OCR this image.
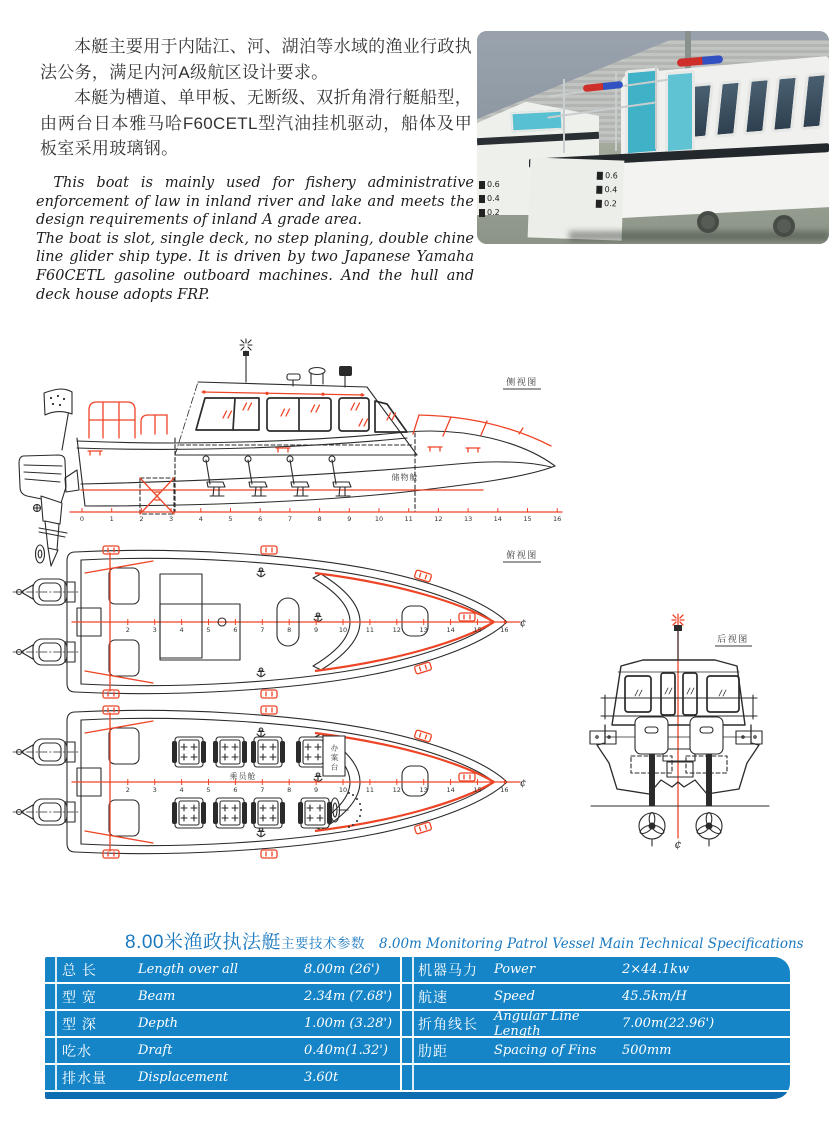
本艇主要用于内陆江、河、湖泊等水域的渔业行政执法公务，满足内河A级航区设计要求。

本艇为槽道、单甲板、无断级、双折角滑行艇船型，由两台日本雅马哈F60CETL型汽油挂机驱动，船体及甲板室采用玻璃钢。

This boat is mainly used for fishery administrative enforcement of law in inland river and lake and meets the design requirements of inland A grade area.

The boat is slot, single deck, no step planing, double chine line glider ship type. It is driven by two Japanese Yamaha F60CETL gasoline outboard machines. And the hull and deck house adopts FRP.

0.6
0.4
0.2
0.6
0.4
0.2
侧视图
储物舱
0	1	2	3	4	5	6	7	8	9	10	11	12	13	14	15	16
俯视图
2	3	4	5	6	7	8	9	10	11	12	13	14	15	16
乘员舱
2	3	4	5	6	7	8	9	10	11	12	13	14	15	16
办案台
后视图
¢
8.00米渔政执法艇 主要技术参数 8.00m Monitoring Patrol Vessel Main Technical Specifications
总 长	Length over all	8.00m (26')
型 宽	Beam	2.34m (7.68')
型 深	Depth	1.00m (3.28')
吃水	Draft	0.40m(1.32')
排水量	Displacement	3.60t
机器马力	Power	2×44.1kw
航速	Speed	45.5km/H
折角线长	Angular Line Length	7.00m(22.96')
肋距	Spacing of Fins	500mm
